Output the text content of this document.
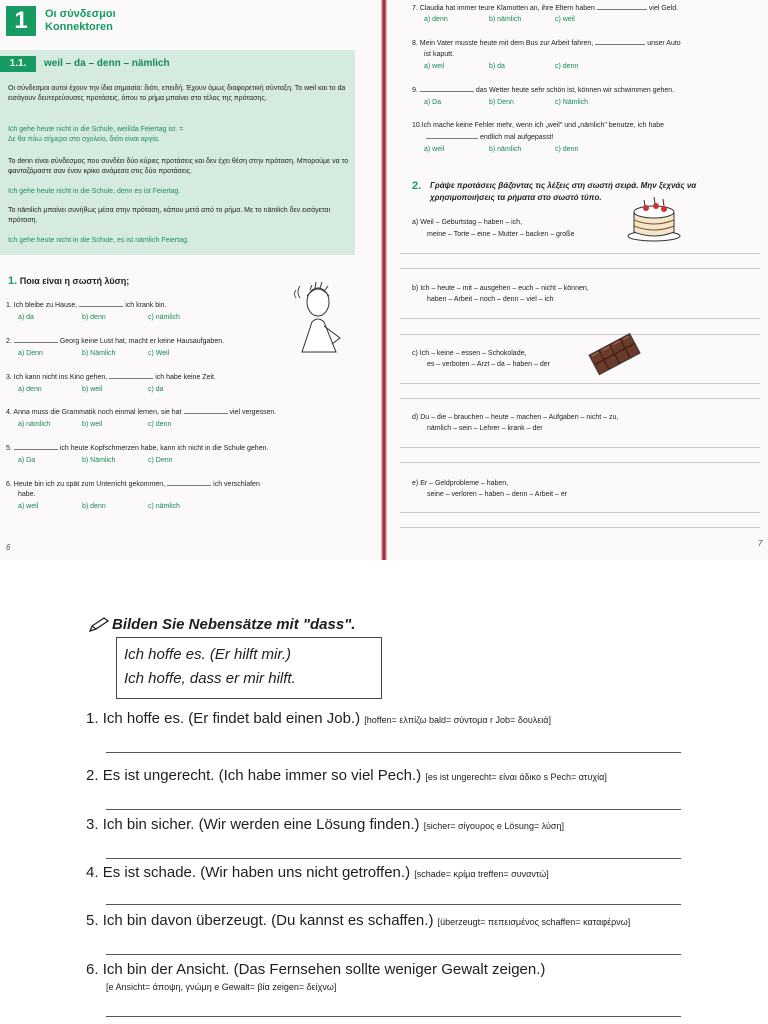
1	Οι σύνδεσμοι
Konnektoren
1.1.	weil – da – denn – nämlich
Οι σύνδεσμοι αυτοί έχουν την ίδια σημασία: διότι, επειδή. Έχουν όμως διαφορετική σύνταξη. Το weil και το da εισάγουν δευτερεύουσες προτάσεις, όπου το ρήμα μπαίνει στο τέλος της πρότασης.
Ich gehe heute nicht in die Schule, weil/da Feiertag ist. =
Δε θα πάω σήμερα στο σχολείο, διότι είναι αργία.
Το denn είναι σύνδεσμος που συνδέει δύο κύριες προτάσεις και δεν έχει θέση στην πρόταση. Μπορούμε να το φανταζόμαστε σαν έναν κρίκο ανάμεσα στις δύο προτάσεις.
Ich gehe heute nicht in die Schule, denn es ist Feiertag.
Το nämlich μπαίνει συνήθως μέσα στην πρόταση, κάπου μετά από το ρήμα. Με το nämlich δεν εισάγεται πρόταση.
Ich gehe heute nicht in die Schule, es ist nämlich Feiertag.
1. Ποια είναι η σωστή λύση;
1. Ich bleibe zu Hause,	ich krank bin.
a) da	b) denn	c) nämlich
2.	Georg keine Lust hat, macht er keine Hausaufgaben.
a) Denn	b) Nämlich	c) Weil
3. Ich kann nicht ins Kino gehen,	ich habe keine Zeit.
a) denn	b) weil	c) da
4. Anna muss die Grammatik noch einmal lernen, sie hat	viel vergessen.
a) nämlich	b) weil	c) denn
5.	ich heute Kopfschmerzen habe, kann ich nicht in die Schule gehen.
a) Da	b) Nämlich	c) Denn
6. Heute bin ich zu spät zum Unterricht gekommen,	ich verschlafen
habe.
a) weil	b) denn	c) nämlich
6
7. Claudia hat immer teure Klamotten an, ihre Eltern haben	viel Geld.
a) denn	b) nämlich	c) weil
8. Mein Vater musste heute mit dem Bus zur Arbeit fahren,	unser Auto
ist kaputt.
a) weil	b) da	c) denn
9.	das Wetter heute sehr schön ist, können wir schwimmen gehen.
a) Da	b) Denn	c) Nämlich
10.Ich mache keine Fehler mehr, wenn ich „weil" und „nämlich" benutze, ich habe
endlich mal aufgepasst!
a) weil	b) nämlich	c) denn
2. Γράψε προτάσεις βάζοντας τις λέξεις στη σωστή σειρά. Μην ξεχνάς να
χρησιμοποιήσεις τα ρήματα στο σωστό τύπο.
a) Weil – Geburtstag – haben – ich,
meine – Torte – eine – Mutter – backen – große
b) Ich – heute – mit – ausgehen – euch – nicht – können,
haben – Arbeit – noch – denn – viel – ich
c) Ich – keine – essen – Schokolade,
es – verboten – Arzt – da – haben – der
d) Du – die – brauchen – heute – machen – Aufgaben – nicht – zu,
nämlich – sein – Lehrer – krank – der
e) Er – Geldprobleme – haben,
seine – verloren – haben – denn – Arbeit – er
7
Bilden Sie Nebensätze mit "dass".
Ich hoffe es. (Er hilft mir.)
Ich hoffe, dass er mir hilft.
1. Ich hoffe es. (Er findet bald einen Job.) [hoffen= ελπίζω bald= σύντομα r Job= δουλειά]
2. Es ist ungerecht. (Ich habe immer so viel Pech.) [es ist ungerecht= είναι άδικο s Pech= ατυχία]
3. Ich bin sicher. (Wir werden eine Lösung finden.) [sicher= σίγουρος e Lösung= λύση]
4. Es ist schade. (Wir haben uns nicht getroffen.) [schade= κρίμα treffen= συναντώ]
5. Ich bin davon überzeugt. (Du kannst es schaffen.) [überzeugt= πεπεισμένος schaffen= καταφέρνω]
6. Ich bin der Ansicht. (Das Fernsehen sollte weniger Gewalt zeigen.)
[e Ansicht= άποψη, γνώμη e Gewalt= βία zeigen= δείχνω]
